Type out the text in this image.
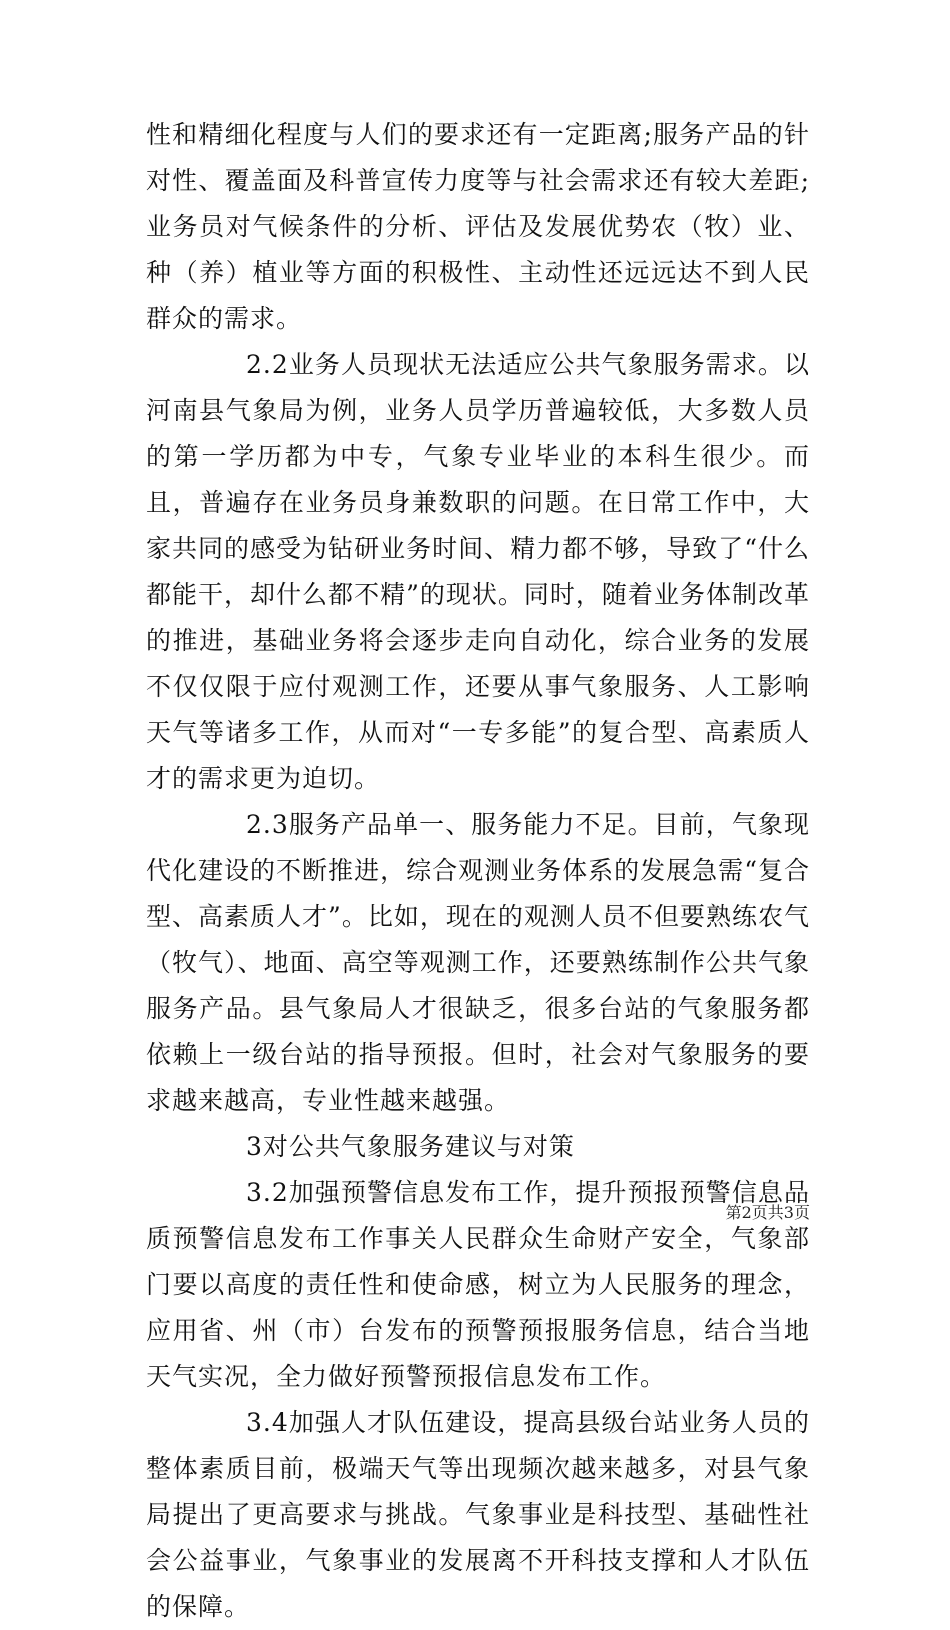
性和精细化程度与人们的要求还有一定距离;服务产品的针对性、覆盖面及科普宣传力度等与社会需求还有较大差距;业务员对气候条件的分析、评估及发展优势农（牧）业、种（养）植业等方面的积极性、主动性还远远达不到人民群众的需求。

2.2业务人员现状无法适应公共气象服务需求。以河南县气象局为例，业务人员学历普遍较低，大多数人员的第一学历都为中专，气象专业毕业的本科生很少。而且，普遍存在业务员身兼数职的问题。在日常工作中，大家共同的感受为钻研业务时间、精力都不够，导致了“什么都能干，却什么都不精”的现状。同时，随着业务体制改革的推进，基础业务将会逐步走向自动化，综合业务的发展不仅仅限于应付观测工作，还要从事气象服务、人工影响天气等诸多工作，从而对“一专多能”的复合型、高素质人才的需求更为迫切。

2.3服务产品单一、服务能力不足。目前，气象现代化建设的不断推进，综合观测业务体系的发展急需“复合型、高素质人才”。比如，现在的观测人员不但要熟练农气（牧气）、地面、高空等观测工作，还要熟练制作公共气象服务产品。县气象局人才很缺乏，很多台站的气象服务都依赖上一级台站的指导预报。但时，社会对气象服务的要求越来越高，专业性越来越强。

3对公共气象服务建议与对策

3.2加强预警信息发布工作，提升预报预警信息品质预警信息发布工作事关人民群众生命财产安全，气象部门要以高度的责任性和使命感，树立为人民服务的理念，应用省、州（市）台发布的预警预报服务信息，结合当地天气实况，全力做好预警预报信息发布工作。

3.4加强人才队伍建设，提高县级台站业务人员的整体素质目前，极端天气等出现频次越来越多，对县气象局提出了更高要求与挑战。气象事业是科技型、基础性社会公益事业，气象事业的发展离不开科技支撑和人才队伍的保障。

第2页共3页
